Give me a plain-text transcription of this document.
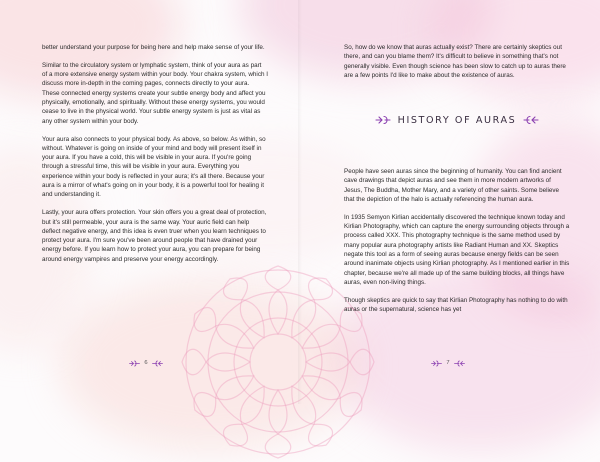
better understand your purpose for being here and help make sense of your life.

Similar to the circulatory system or lymphatic system, think of your aura as part of a more extensive energy system within your body. Your chakra system, which I discuss more in-depth in the coming pages, connects directly to your aura. These connected energy systems create your subtle energy body and affect you physically, emotionally, and spiritually. Without these energy systems, you would cease to live in the physical world. Your subtle energy system is just as vital as any other system within your body.

Your aura also connects to your physical body. As above, so below. As within, so without. Whatever is going on inside of your mind and body will present itself in your aura. If you have a cold, this will be visible in your aura. If you're going through a stressful time, this will be visible in your aura. Everything you experience within your body is reflected in your aura; it's all there. Because your aura is a mirror of what's going on in your body, it is a powerful tool for healing it and understanding it.

Lastly, your aura offers protection. Your skin offers you a great deal of protection, but it's still permeable, your aura is the same way. Your auric field can help deflect negative energy, and this idea is even truer when you learn techniques to protect your aura. I'm sure you've been around people that have drained your energy before. If you learn how to protect your aura, you can prepare for being around energy vampires and preserve your energy accordingly.

6

So, how do we know that auras actually exist? There are certainly skeptics out there, and can you blame them? It's difficult to believe in something that's not generally visible. Even though science has been slow to catch up to auras there are a few points I'd like to make about the existence of auras.

HISTORY OF AURAS

People have seen auras since the beginning of humanity. You can find ancient cave drawings that depict auras and see them in more modern artworks of Jesus, The Buddha, Mother Mary, and a variety of other saints. Some believe that the depiction of the halo is actually referencing the human aura.

In 1935 Semyon Kirlian accidentally discovered the technique known today and Kirlian Photography, which can capture the energy surrounding objects through a process called XXX. This photography technique is the same method used by many popular aura photography artists like Radiant Human and XX. Skeptics negate this tool as a form of seeing auras because energy fields can be seen around inanimate objects using Kirlian photography. As I mentioned earlier in this chapter, because we're all made up of the same building blocks, all things have auras, even non-living things.

Though skeptics are quick to say that Kirlian Photography has nothing to do with auras or the supernatural, science has yet

7
